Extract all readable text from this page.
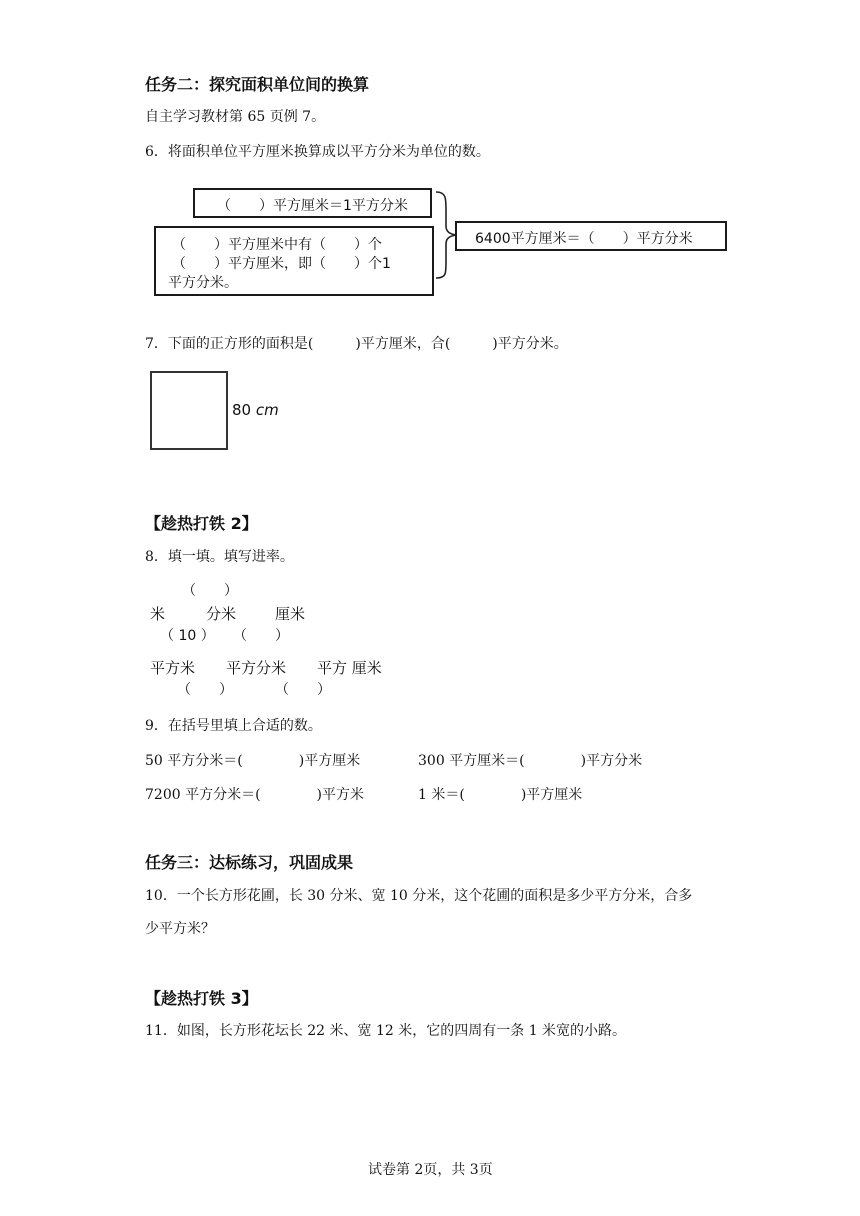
任务二：探究面积单位间的换算
自主学习教材第 65 页例 7。
6．将面积单位平方厘米换算成以平方分米为单位的数。
（　　）平方厘米＝1平方分米
（　　）平方厘米中有（　　）个
（　　）平方厘米，即（　　）个1
平方分米。
6400平方厘米＝（　　）平方分米
7．下面的正方形的面积是(　　　)平方厘米，合(　　　)平方分米。
80 cm
【趁热打铁 2】
8．填一填。填写进率。
（　　）
米	分米	厘米
（ 10 ） （　　）
平方米 平方分米 平方 厘米
（　　）	（　　）
9．在括号里填上合适的数。
50 平方分米＝(　　　　)平方厘米	300 平方厘米＝(　　　　)平方分米
7200 平方分米＝(　　　　)平方米	1 米＝(　　　　)平方厘米
任务三：达标练习，巩固成果
10．一个长方形花圃，长 30 分米、宽 10 分米，这个花圃的面积是多少平方分米，合多
少平方米？
【趁热打铁 3】
11．如图，长方形花坛长 22 米、宽 12 米，它的四周有一条 1 米宽的小路。
试卷第 2页，共 3页
